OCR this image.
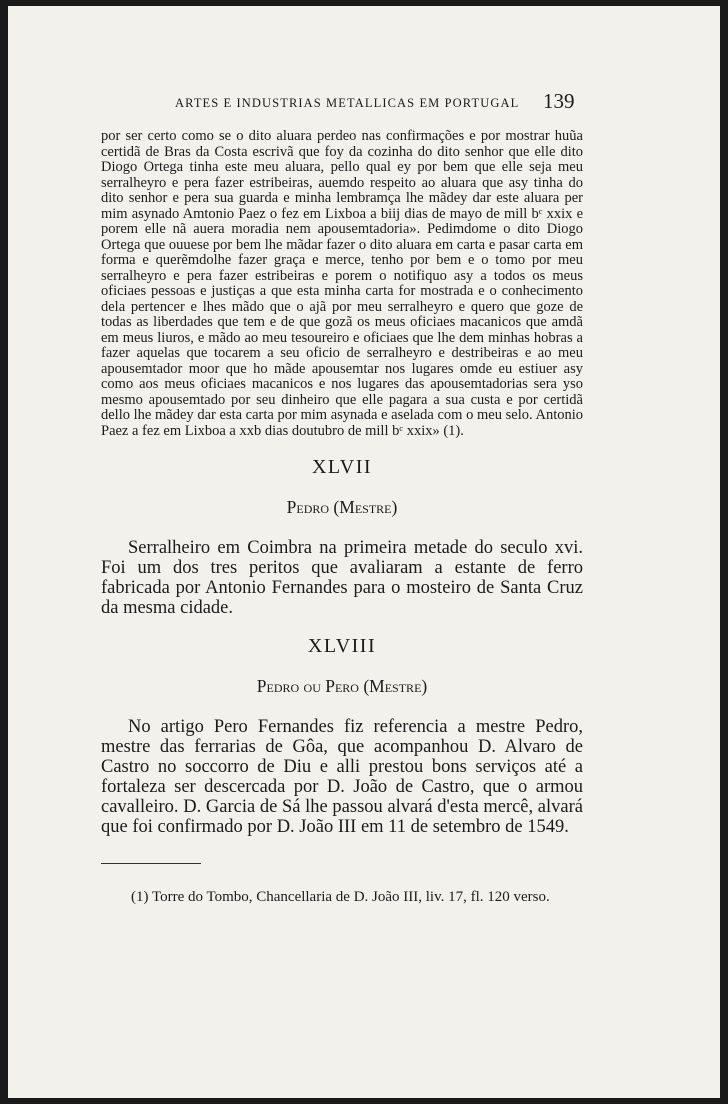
ARTES E INDUSTRIAS METALLICAS EM PORTUGAL 139

por ser certo como se o dito aluara perdeo nas confirmações e por mostrar huũa certidã de Bras da Costa escrivã que foy da cozinha do dito senhor que elle dito Diogo Ortega tinha este meu aluara, pello qual ey por bem que elle seja meu serralheyro e pera fazer estribeiras, auemdo respeito ao aluara que asy tinha do dito senhor e pera sua guarda e minha lembramça lhe mãdey dar este aluara per mim asynado Amtonio Paez o fez em Lixboa a biij dias de mayo de mill bᶜ xxix e porem elle nã auera moradia nem apousemtadoria». Pedimdome o dito Diogo Ortega que ouuese por bem lhe mãdar fazer o dito aluara em carta e pasar carta em forma e querẽmdolhe fazer graça e merce, tenho por bem e o tomo por meu serralheyro e pera fazer estribeiras e porem o notifiquo asy a todos os meus oficiaes pessoas e justiças a que esta minha carta for mostrada e o conhecimento dela pertencer e lhes mãdo que o ajã por meu serralheyro e quero que goze de todas as liberdades que tem e de que gozã os meus oficiaes macanicos que amdã em meus liuros, e mãdo ao meu tesoureiro e oficiaes que lhe dem minhas hobras a fazer aquelas que tocarem a seu oficio de serralheyro e destribeiras e ao meu apousemtador moor que ho mãde apousemtar nos lugares omde eu estiuer asy como aos meus oficiaes macanicos e nos lugares das apousemtadorias sera yso mesmo apousemtado por seu dinheiro que elle pagara a sua custa e por certidã dello lhe mãdey dar esta carta por mim asynada e aselada com o meu selo. Antonio Paez a fez em Lixboa a xxb dias doutubro de mill bᶜ xxix» (1).

XLVII
Pedro (Mestre)

Serralheiro em Coimbra na primeira metade do seculo xvi. Foi um dos tres peritos que avaliaram a estante de ferro fabricada por Antonio Fernandes para o mosteiro de Santa Cruz da mesma cidade.

XLVIII
Pedro ou Pero (Mestre)

No artigo Pero Fernandes fiz referencia a mestre Pedro, mestre das ferrarias de Gôa, que acompanhou D. Alvaro de Castro no soccorro de Diu e alli prestou bons serviços até a fortaleza ser descercada por D. João de Castro, que o armou cavalleiro. D. Garcia de Sá lhe passou alvará d'esta mercê, alvará que foi confirmado por D. João III em 11 de setembro de 1549.

(1) Torre do Tombo, Chancellaria de D. João III, liv. 17, fl. 120 verso.
